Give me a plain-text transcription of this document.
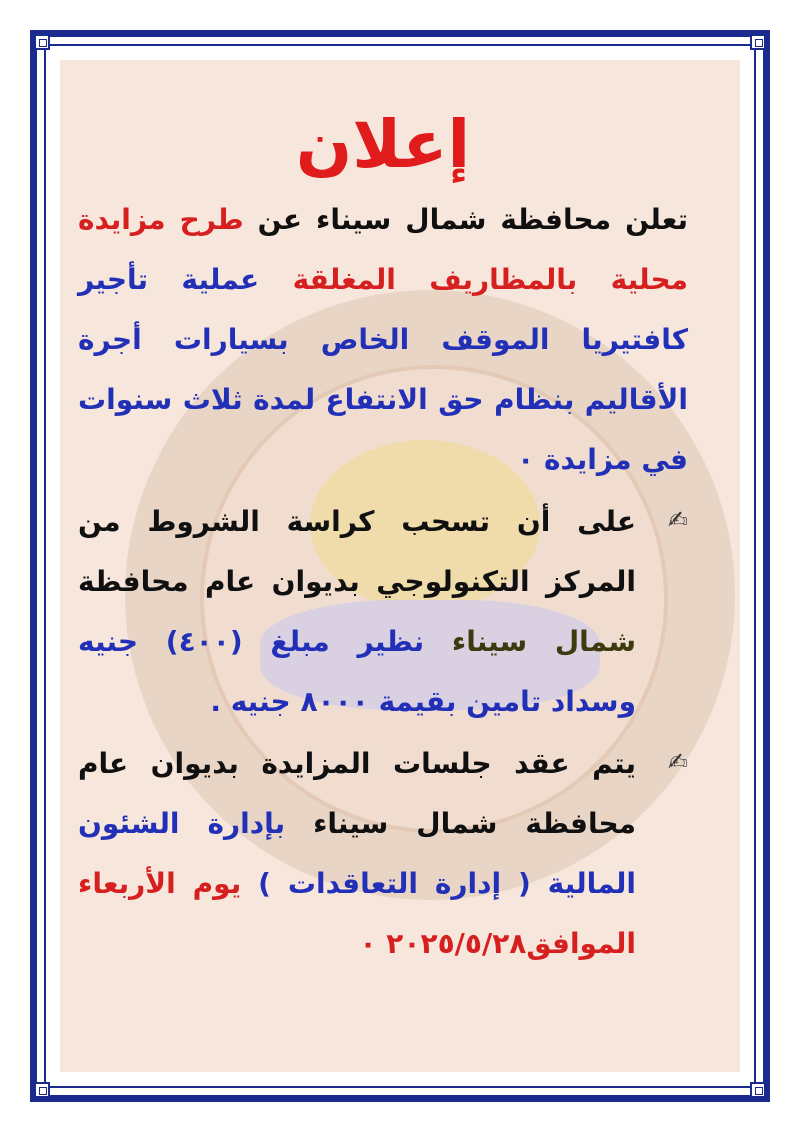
إعلان

تعلن محافظة شمال سيناء عن طرح مزايدة محلية بالمظاريف المغلقة عملية تأجير كافتيريا الموقف الخاص بسيارات أجرة الأقاليم بنظام حق الانتفاع لمدة ثلاث سنوات في مزايدة ٠

✍

على أن تسحب كراسة الشروط من المركز التكنولوجي بديوان عام محافظة شمال سيناء نظير مبلغ (٤٠٠) جنيه وسداد تامين بقيمة ٨٠٠٠ جنيه .

✍

يتم عقد جلسات المزايدة بديوان عام محافظة شمال سيناء بإدارة الشئون المالية ( إدارة التعاقدات ) يوم الأربعاء الموافق٢٠٢٥/٥/٢٨ ٠
